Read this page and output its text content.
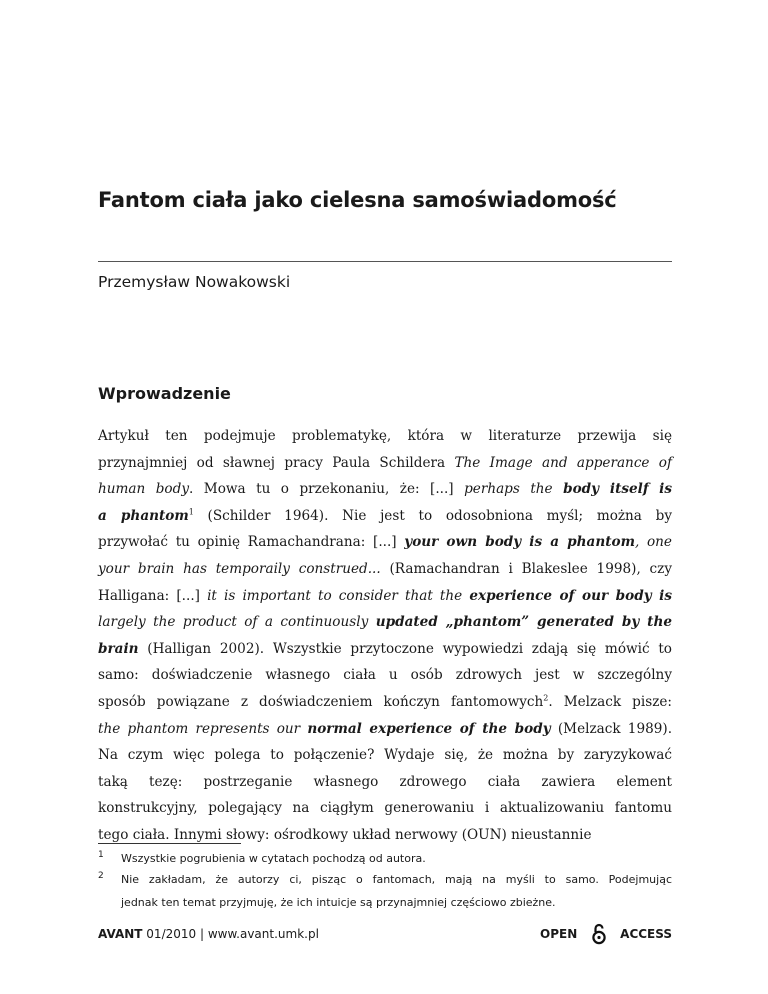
Fantom ciała jako cielesna samoświadomość
Przemysław Nowakowski
Wprowadzenie
Artykuł ten podejmuje problematykę, która w literaturze przewija się
przynajmniej od sławnej pracy Paula Schildera The Image and apperance of
human body. Mowa tu o przekonaniu, że: [...] perhaps the body itself is
a phantom$^1$ (Schilder 1964). Nie jest to odosobniona myśl; można by
przywołać tu opinię Ramachandrana: [...] your own body is a phantom, one
your brain has temporaily construed... (Ramachandran i Blakeslee 1998), czy
Halligana: [...] it is important to consider that the experience of our body is
largely the product of a continuously updated „phantom” generated by the
brain (Halligan 2002). Wszystkie przytoczone wypowiedzi zdają się mówić to
samo: doświadczenie własnego ciała u osób zdrowych jest w szczególny
sposób powiązane z doświadczeniem kończyn fantomowych$^2$. Melzack pisze:
the phantom represents our normal experience of the body (Melzack 1989).
Na czym więc polega to połączenie? Wydaje się, że można by zaryzykować
taką tezę: postrzeganie własnego zdrowego ciała zawiera element
konstrukcyjny, polegający na ciągłym generowaniu i aktualizowaniu fantomu
tego ciała. Innymi słowy: ośrodkowy układ nerwowy (OUN) nieustannie
1 Wszystkie pogrubienia w cytatach pochodzą od autora.
2 Nie zakładam, że autorzy ci, pisząc o fantomach, mają na myśli to samo. Podejmując
jednak ten temat przyjmuję, że ich intuicje są przynajmniej częściowo zbieżne.
AVANT 01/2010 | www.avant.umk.pl	OPEN	ACCESS
